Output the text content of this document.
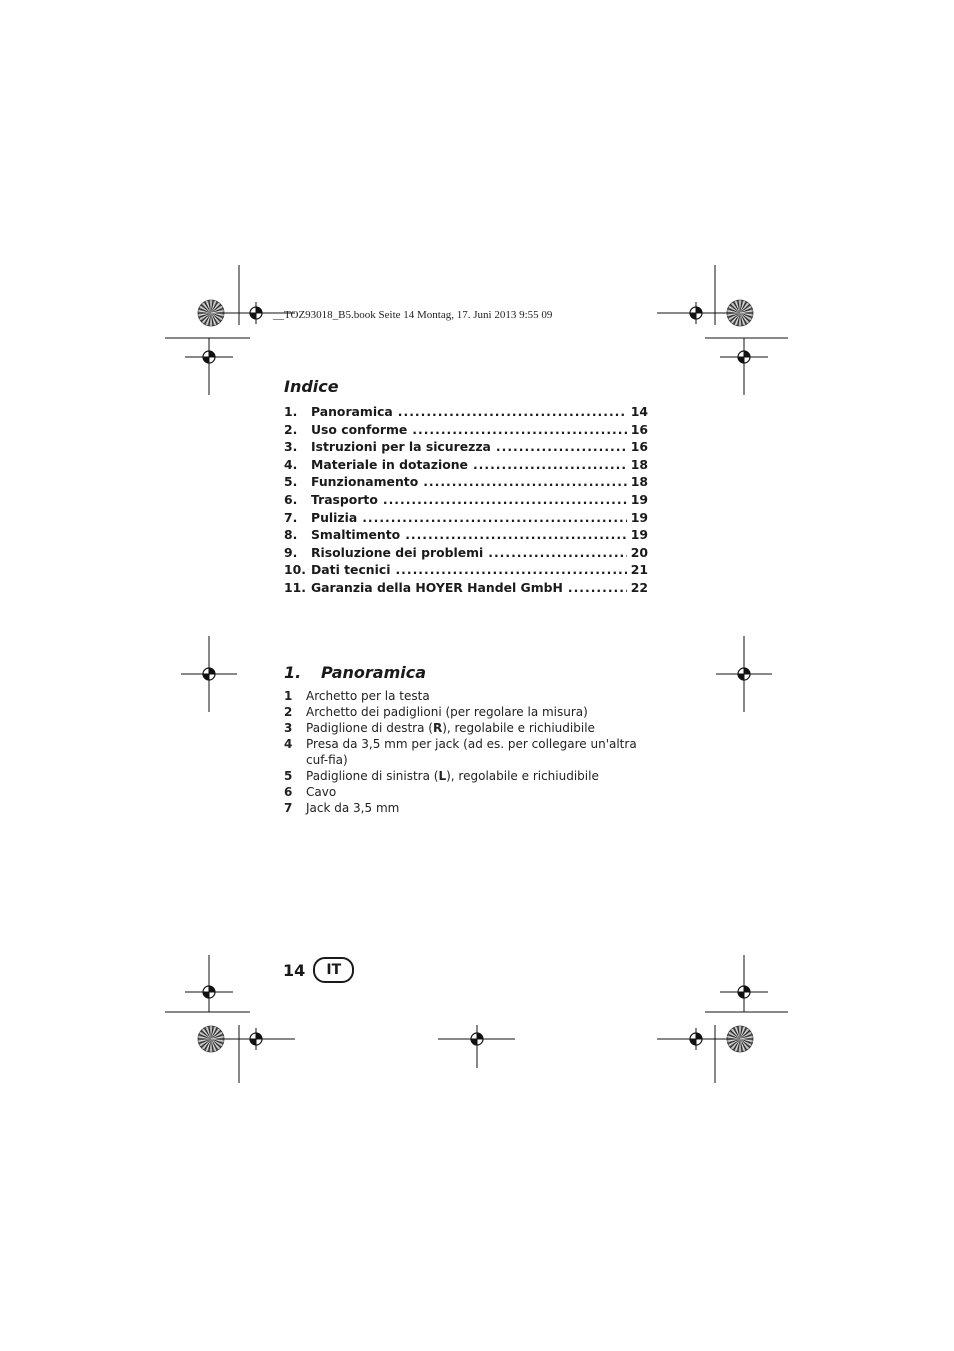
__TOZ93018_B5.book Seite 14 Montag, 17. Juni 2013 9:55 09
Indice
1.	Panoramica .....	14
2.	Uso conforme .....	16
3.	Istruzioni per la sicurezza .....	16
4.	Materiale in dotazione .....	18
5.	Funzionamento .....	18
6.	Trasporto .....	19
7.	Pulizia .....	19
8.	Smaltimento .....	19
9.	Risoluzione dei problemi .....	20
10. Dati tecnici .....	21
11. Garanzia della HOYER Handel GmbH .....	22
1. Panoramica
1	Archetto per la testa
2	Archetto dei padiglioni (per regolare la misura)
3	Padiglione di destra (R), regolabile e richiudibile
4	Presa da 3,5 mm per jack (ad es. per collegare un'altra cuf-fia)
5	Padiglione di sinistra (L), regolabile e richiudibile
6	Cavo
7	Jack da 3,5 mm
14	IT
